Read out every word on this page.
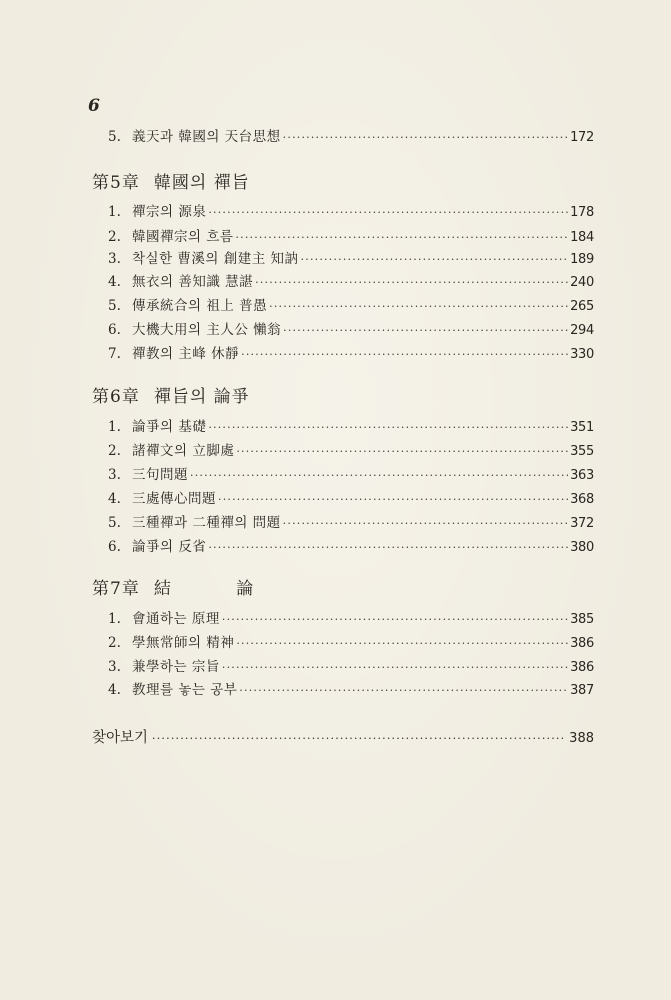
6
5. 義天과 韓國의 天台思想 ·····	172
第5章 韓國의 禪旨
1. 禪宗의 源泉 ·····	178
2. 韓國禪宗의 흐름 ·····	184
3. 착실한 曹溪의 創建主 知訥 ·····	189
4. 無衣의 善知識 慧諶 ·····	240
5. 傳承統合의 祖上 普愚 ·····	265
6. 大機大用의 主人公 懶翁 ·····	294
7. 禪教의 主峰 休靜 ·····	330
第6章 禪旨의 論爭
1. 論爭의 基礎 ·····	351
2. 諸禪文의 立脚處 ·····	355
3. 三句問題 ·····	363
4. 三處傳心問題 ·····	368
5. 三種禪과 二種禪의 問題 ·····	372
6. 論爭의 反省 ·····	380
第7章 結 論
1. 會通하는 原理 ·····	385
2. 學無常師의 精神 ·····	386
3. 兼學하는 宗旨 ·····	386
4. 教理를 놓는 공부 ·····	387
찾아보기 ·····	388
